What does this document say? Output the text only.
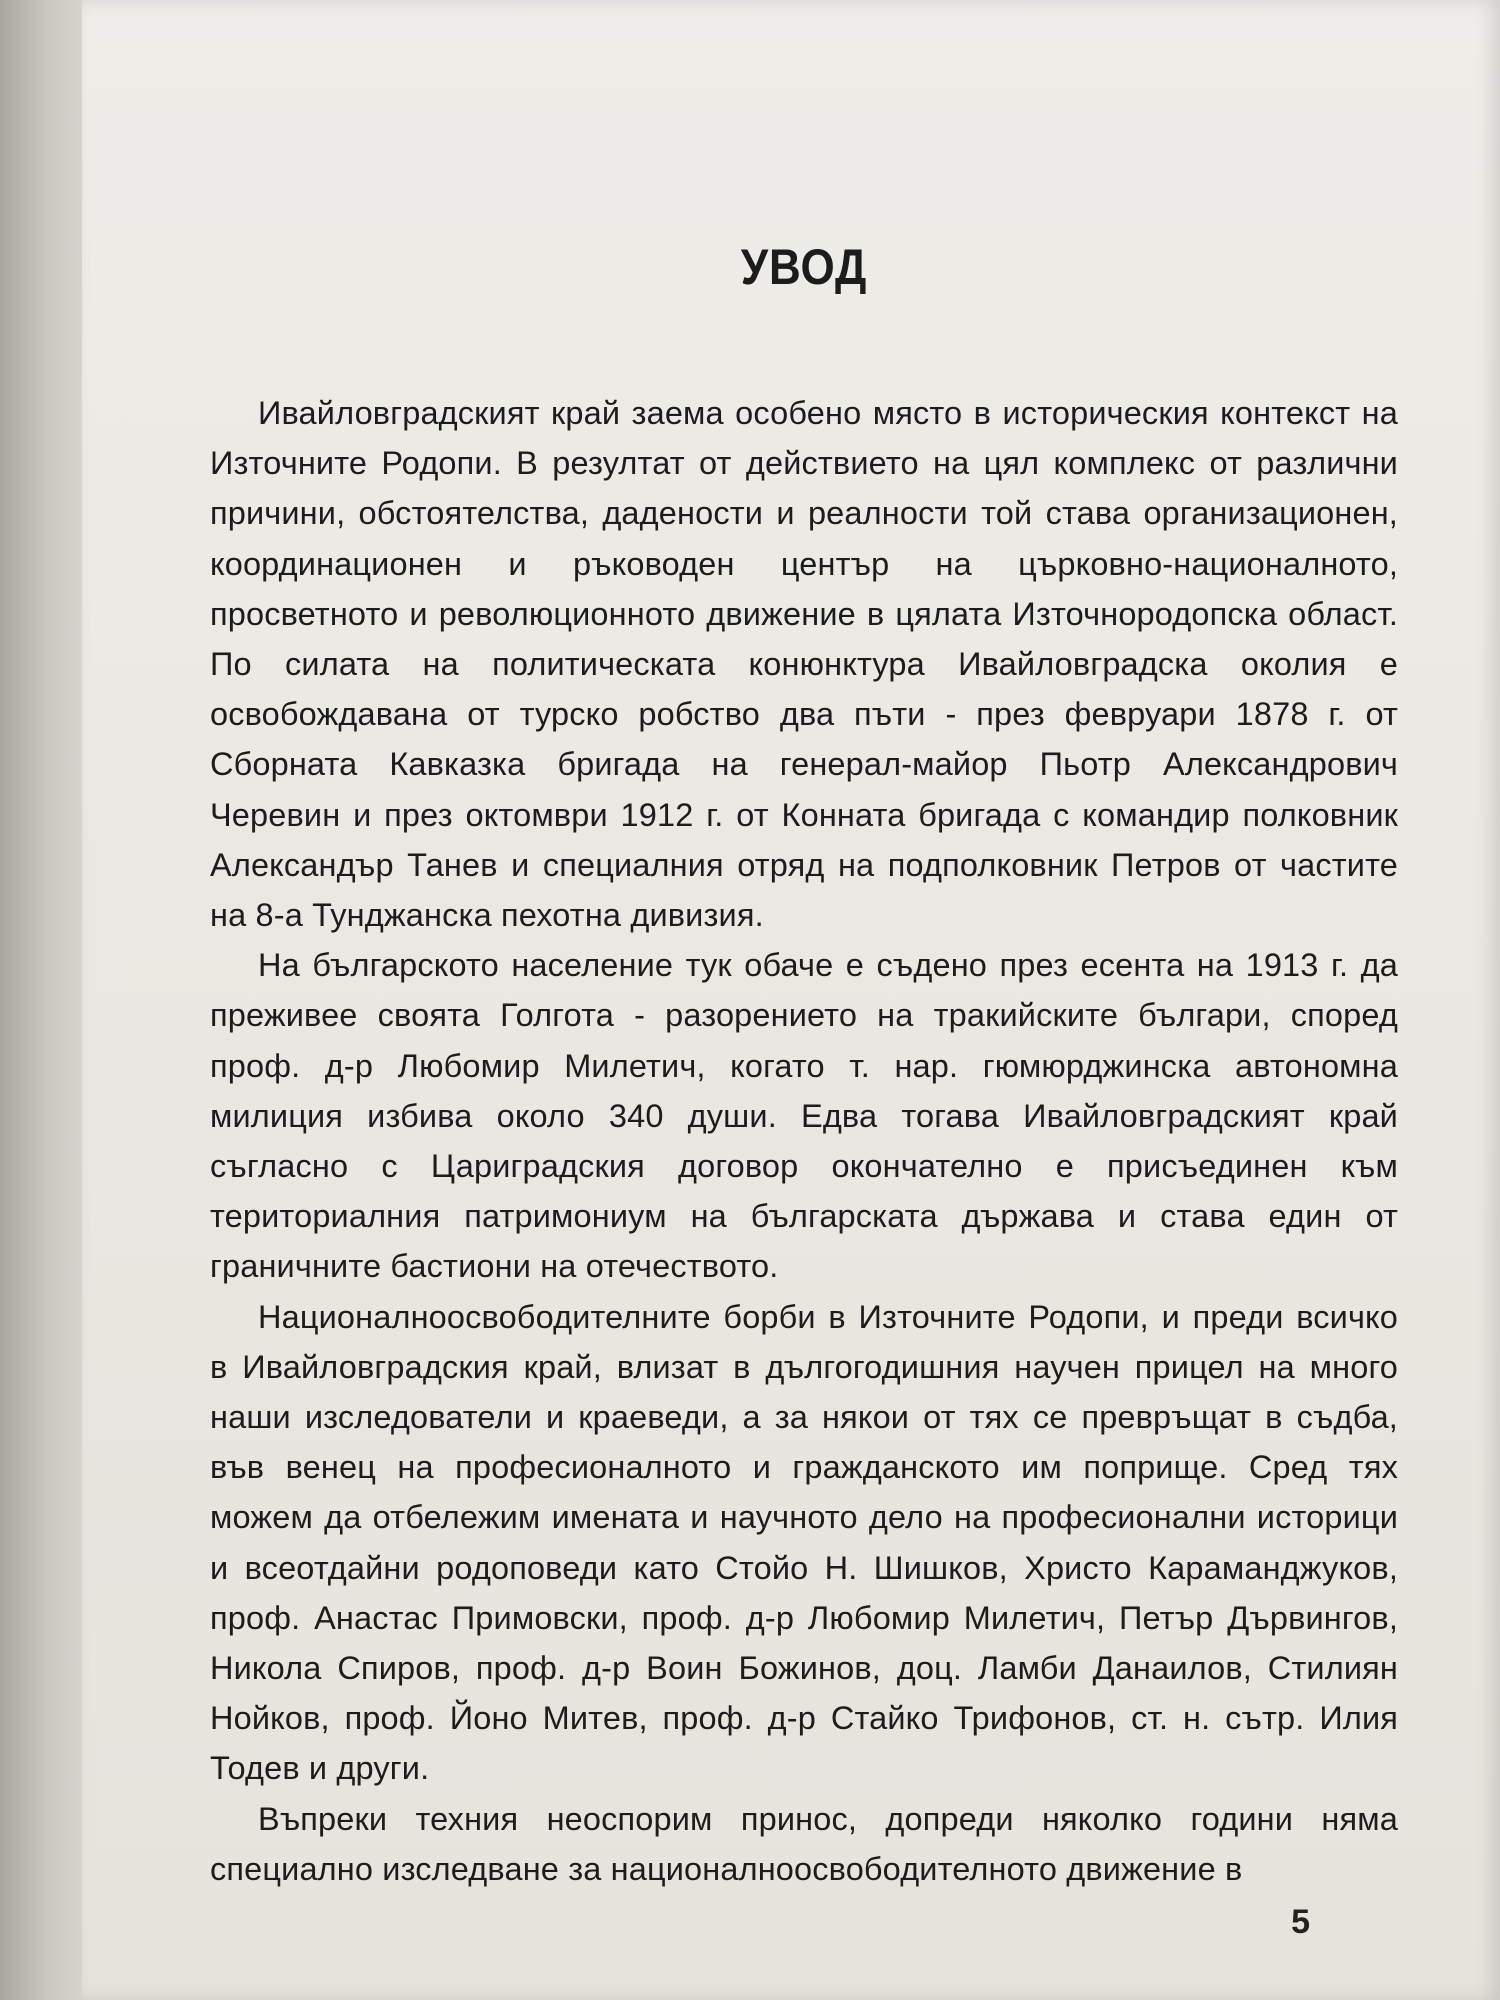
УВОД

Ивайловградският край заема особено място в историческия контекст на Източните Родопи. В резултат от действието на цял комплекс от различни причини, обстоятелства, дадености и реалности той става организационен, координационен и ръководен център на църковно-националното, просветното и революционното движение в цялата Източнородопска област. По силата на политическата конюнктура Ивайловградска околия е освобождавана от турско робство два пъти - през февруари 1878 г. от Сборната Кавказка бригада на генерал-майор Пьотр Александрович Черевин и през октомври 1912 г. от Конната бригада с командир полковник Александър Танев и специалния отряд на подполковник Петров от частите на 8-а Тунджанска пехотна дивизия.

На българското население тук обаче е съдено през есента на 1913 г. да преживее своята Голгота - разорението на тракийските българи, според проф. д-р Любомир Милетич, когато т. нар. гюмюрджинска автономна милиция избива около 340 души. Едва тогава Ивайловградският край съгласно с Цариградския договор окончателно е присъединен към териториалния патримониум на българската държава и става един от граничните бастиони на отечеството.

Националноосвободителните борби в Източните Родопи, и преди всичко в Ивайловградския край, влизат в дългогодишния научен прицел на много наши изследователи и краеведи, а за някои от тях се превръщат в съдба, във венец на професионалното и гражданското им поприще. Сред тях можем да отбележим имената и научното дело на професионални историци и всеотдайни родоповеди като Стойо Н. Шишков, Христо Караманджуков, проф. Анастас Примовски, проф. д-р Любомир Милетич, Петър Дървингов, Никола Спиров, проф. д-р Воин Божинов, доц. Ламби Данаилов, Стилиян Нойков, проф. Йоно Митев, проф. д-р Стайко Трифонов, ст. н. сътр. Илия Тодев и други.

Въпреки техния неоспорим принос, допреди няколко години няма специално изследване за националноосвободителното движение в

5
